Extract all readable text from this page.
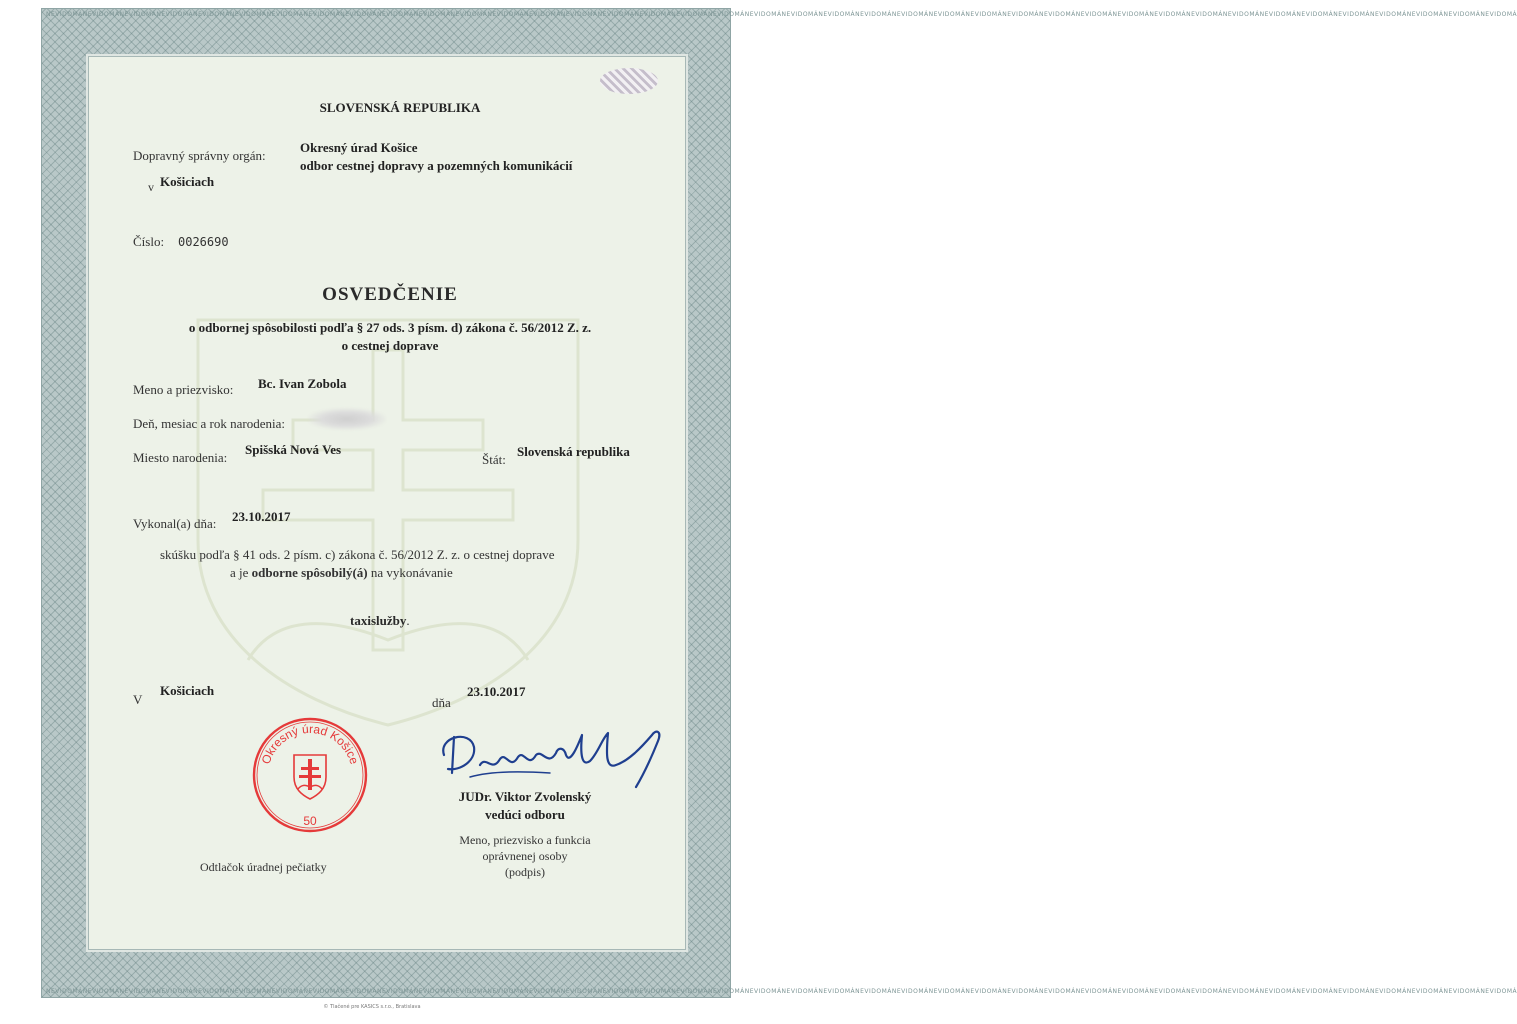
NEVIDOMÁNEVIDOMÁNEVIDOMÁNEVIDOMÁNEVIDOMÁNEVIDOMÁNEVIDOMÁNEVIDOMÁNEVIDOMÁNEVIDOMÁNEVIDOMÁNEVIDOMÁNEVIDOMÁNEVIDOMÁNEVIDOMÁNEVIDOMÁNEVIDOMÁNEVIDOMÁNEVIDOMÁNEVIDOMÁNEVIDOMÁNEVIDOMÁNEVIDOMÁNEVIDOMÁNEVIDOMÁNEVIDOMÁNEVIDOMÁNEVIDOMÁNEVIDOMÁNEVIDOMÁNEVIDOMÁNEVIDOMÁNEVIDOMÁNEVIDOMÁNEVIDOMÁNEVIDOMÁNEVIDOMÁNEVIDOMÁNEVIDOMÁNEVIDOMÁ
NEVIDOMÁNEVIDOMÁNEVIDOMÁNEVIDOMÁNEVIDOMÁNEVIDOMÁNEVIDOMÁNEVIDOMÁNEVIDOMÁNEVIDOMÁNEVIDOMÁNEVIDOMÁNEVIDOMÁNEVIDOMÁNEVIDOMÁNEVIDOMÁNEVIDOMÁNEVIDOMÁNEVIDOMÁNEVIDOMÁNEVIDOMÁNEVIDOMÁNEVIDOMÁNEVIDOMÁNEVIDOMÁNEVIDOMÁNEVIDOMÁNEVIDOMÁNEVIDOMÁNEVIDOMÁNEVIDOMÁNEVIDOMÁNEVIDOMÁNEVIDOMÁNEVIDOMÁNEVIDOMÁNEVIDOMÁNEVIDOMÁNEVIDOMÁNEVIDOMÁ
SLOVENSKÁ REPUBLIKA
Dopravný správny orgán:
Okresný úrad Košice
odbor cestnej dopravy a pozemných komunikácií
v Košiciach
Číslo: 0026690
OSVEDČENIE
o odbornej spôsobilosti podľa § 27 ods. 3 písm. d) zákona č. 56/2012 Z. z.
o cestnej doprave
Meno a priezvisko: Bc. Ivan Zobola
Deň, mesiac a rok narodenia:
Miesto narodenia:
Spišská Nová Ves
Štát:
Slovenská republika
Vykonal(a) dňa: 23.10.2017
skúšku podľa § 41 ods. 2 písm. c) zákona č. 56/2012 Z. z. o cestnej doprave
a je odborne spôsobilý(á) na vykonávanie
taxislužby.
V
Košiciach
dňa
23.10.2017
Okresný úrad Košice
50
Odtlačok úradnej pečiatky
JUDr. Viktor Zvolenský
vedúci odboru
Meno, priezvisko a funkcia
oprávnenej osoby
(podpis)
© Tlačené pre KASICS s.r.o., Bratislava
